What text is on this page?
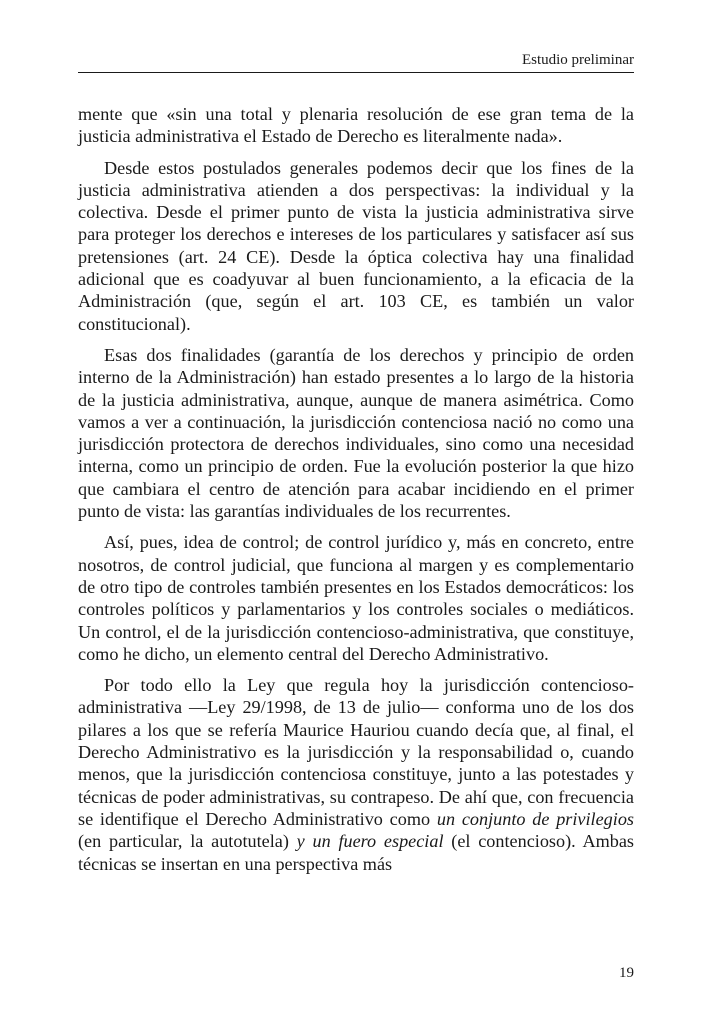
Estudio preliminar

mente que «sin una total y plenaria resolución de ese gran tema de la justicia administrativa el Estado de Derecho es literalmente nada».

Desde estos postulados generales podemos decir que los fines de la justicia administrativa atienden a dos perspectivas: la individual y la colectiva. Desde el primer punto de vista la justicia administrativa sirve para proteger los derechos e intereses de los particulares y satisfacer así sus pretensiones (art. 24 CE). Desde la óptica colectiva hay una finalidad adicional que es coadyuvar al buen funcionamiento, a la eficacia de la Administración (que, según el art. 103 CE, es también un valor constitucional).

Esas dos finalidades (garantía de los derechos y principio de orden interno de la Administración) han estado presentes a lo largo de la historia de la justicia administrativa, aunque, aunque de manera asimétrica. Como vamos a ver a continuación, la jurisdicción contenciosa nació no como una jurisdicción protectora de derechos individuales, sino como una necesidad interna, como un principio de orden. Fue la evolución posterior la que hizo que cambiara el centro de atención para acabar incidiendo en el primer punto de vista: las garantías individuales de los recurrentes.

Así, pues, idea de control; de control jurídico y, más en concreto, entre nosotros, de control judicial, que funciona al margen y es complementario de otro tipo de controles también presentes en los Estados democráticos: los controles políticos y parlamentarios y los controles sociales o mediáticos. Un control, el de la jurisdicción contencioso-administrativa, que constituye, como he dicho, un elemento central del Derecho Administrativo.

Por todo ello la Ley que regula hoy la jurisdicción contencioso-administrativa —Ley 29/1998, de 13 de julio— conforma uno de los dos pilares a los que se refería Maurice Hauriou cuando decía que, al final, el Derecho Administrativo es la jurisdicción y la responsabilidad o, cuando menos, que la jurisdicción contenciosa constituye, junto a las potestades y técnicas de poder administrativas, su contrapeso. De ahí que, con frecuencia se identifique el Derecho Administrativo como un conjunto de privilegios (en particular, la autotutela) y un fuero especial (el contencioso). Ambas técnicas se insertan en una perspectiva más

19
